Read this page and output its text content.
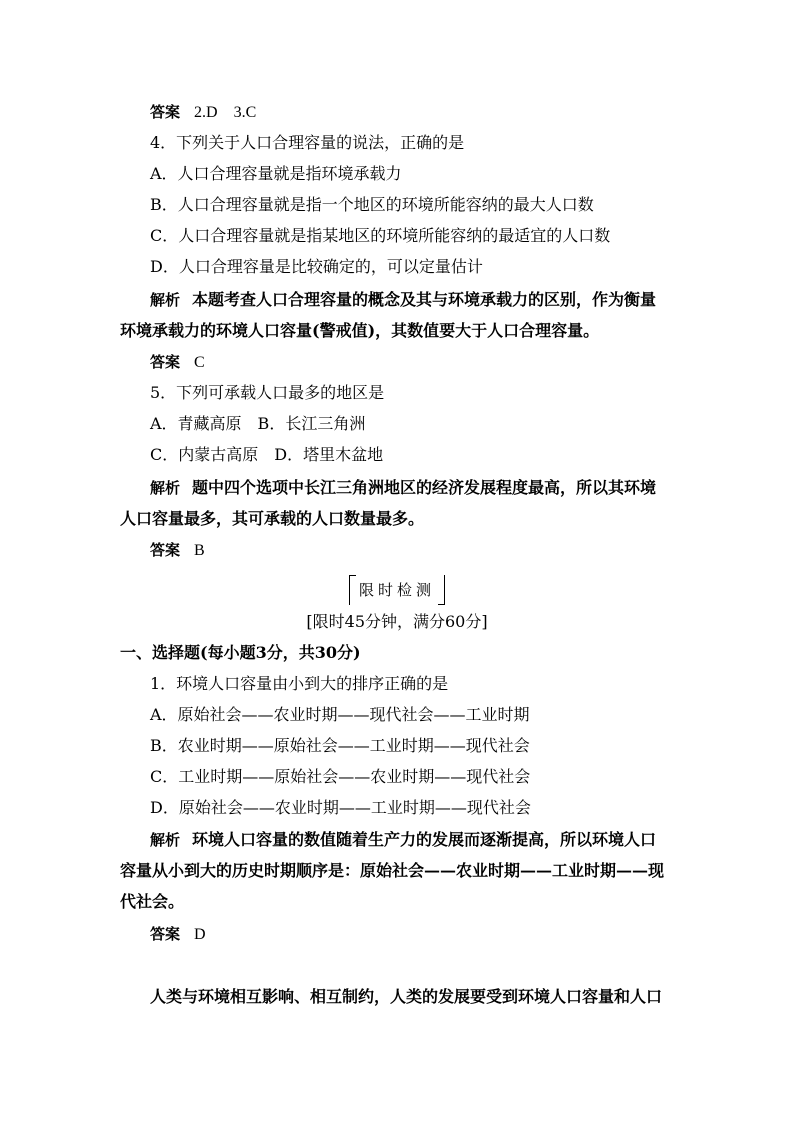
答案 2.D　3.C
4．下列关于人口合理容量的说法，正确的是
A．人口合理容量就是指环境承载力
B．人口合理容量就是指一个地区的环境所能容纳的最大人口数
C．人口合理容量就是指某地区的环境所能容纳的最适宜的人口数
D．人口合理容量是比较确定的，可以定量估计
解析 本题考查人口合理容量的概念及其与环境承载力的区别，作为衡量
环境承载力的环境人口容量(警戒值)，其数值要大于人口合理容量。
答案 C
5．下列可承载人口最多的地区是
A．青藏高原　B．长江三角洲
C．内蒙古高原　D．塔里木盆地
解析 题中四个选项中长江三角洲地区的经济发展程度最高，所以其环境
人口容量最多，其可承载的人口数量最多。
答案 B
限时检测
[限时45分钟，满分60分]
一、选择题(每小题3分，共30分)
1．环境人口容量由小到大的排序正确的是
A．原始社会——农业时期——现代社会——工业时期
B．农业时期——原始社会——工业时期——现代社会
C．工业时期——原始社会——农业时期——现代社会
D．原始社会——农业时期——工业时期——现代社会
解析 环境人口容量的数值随着生产力的发展而逐渐提高，所以环境人口
容量从小到大的历史时期顺序是：原始社会——农业时期——工业时期——现
代社会。
答案 D
人类与环境相互影响、相互制约，人类的发展要受到环境人口容量和人口
